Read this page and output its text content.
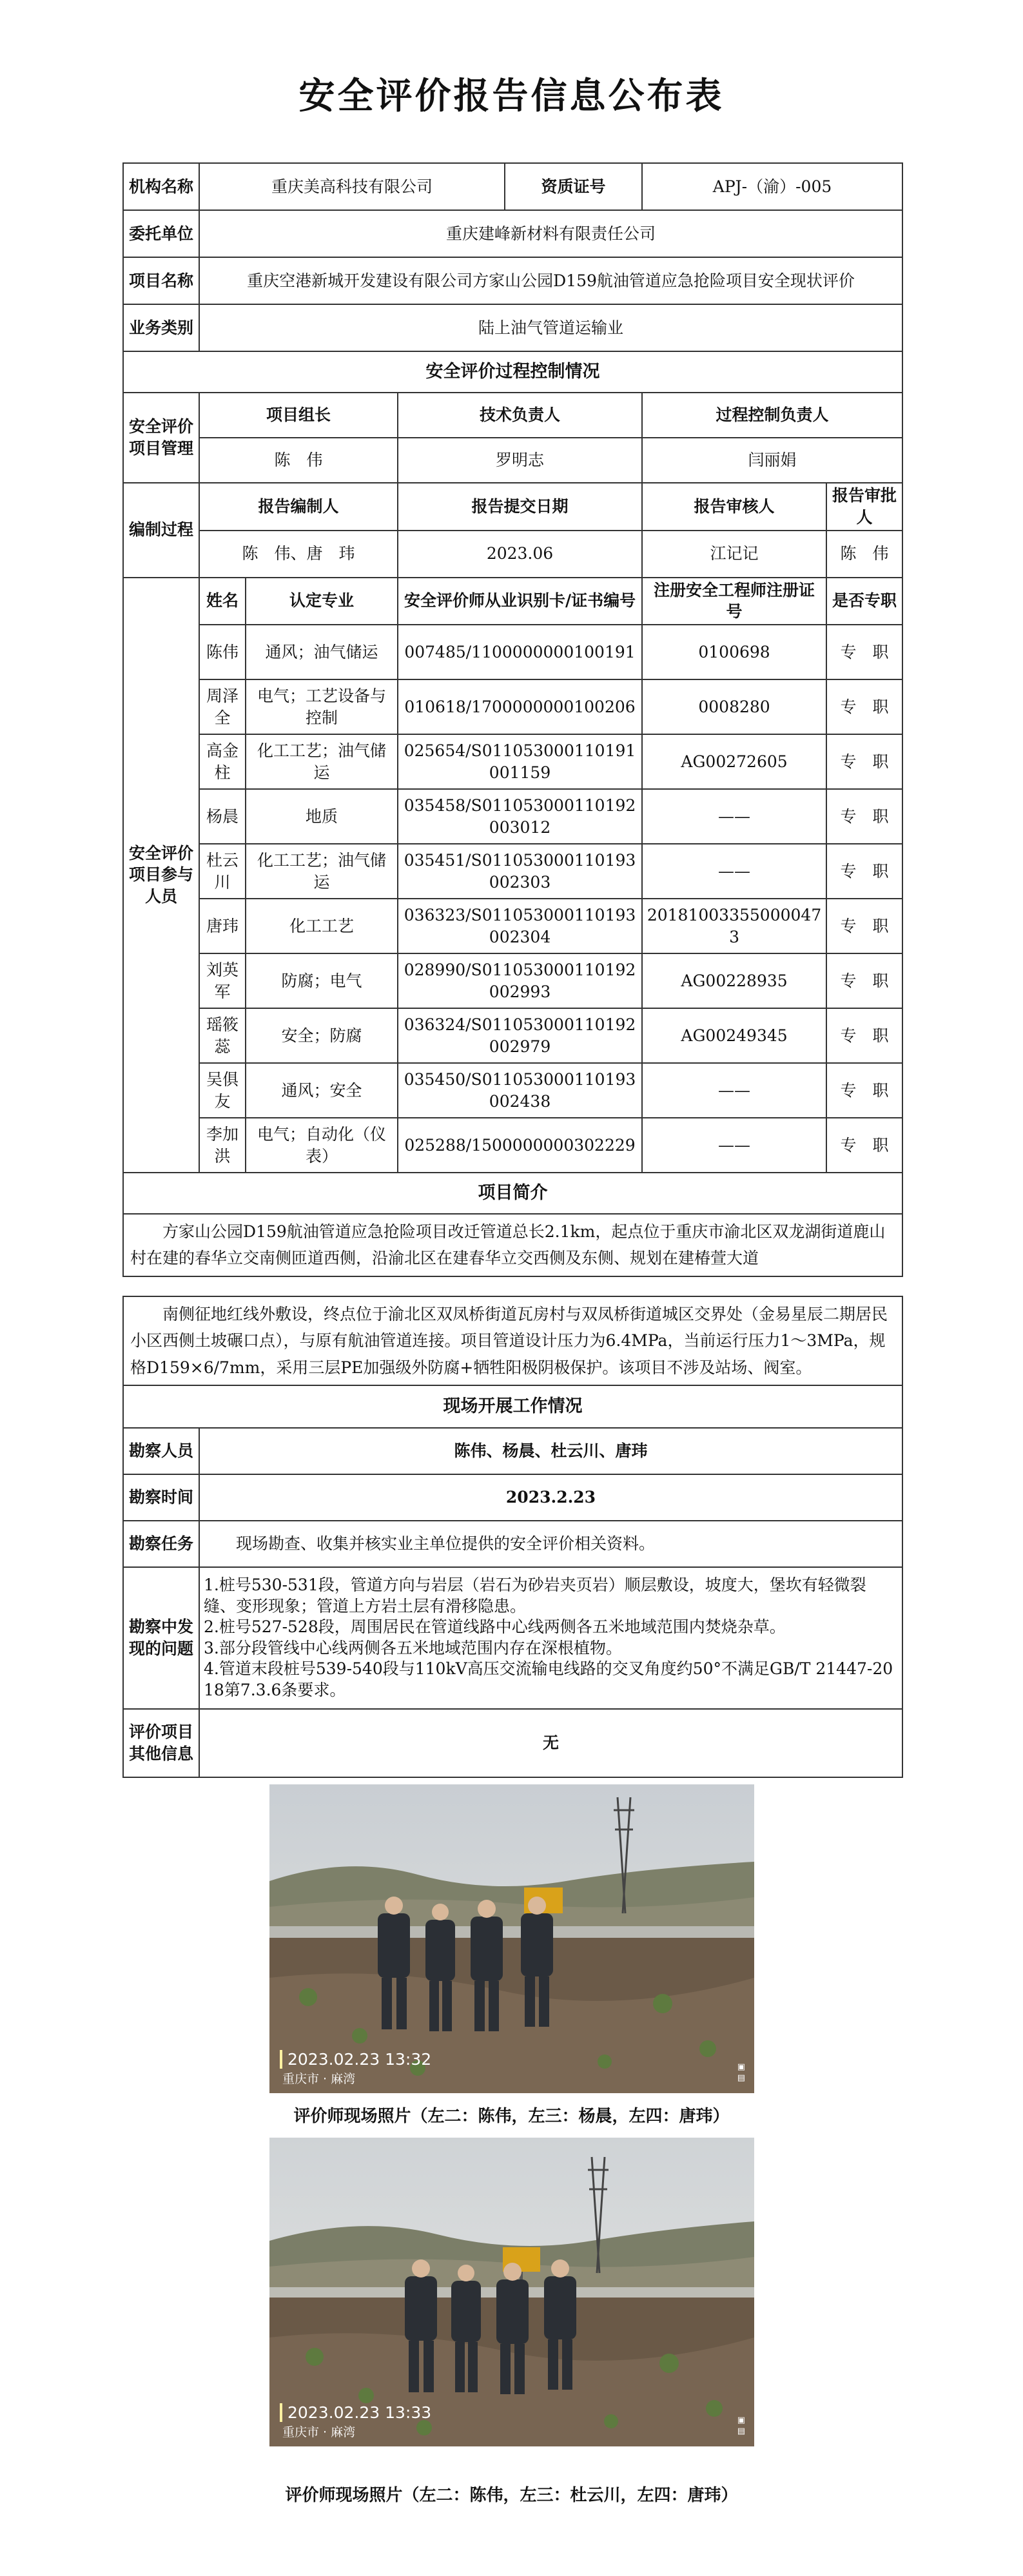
安全评价报告信息公布表
机构名称	重庆美高科技有限公司			资质证号	APJ-（渝）-005	
委托单位	重庆建峰新材料有限责任公司					
项目名称	重庆空港新城开发建设有限公司方家山公园D159航油管道应急抢险项目安全现状评价					
业务类别	陆上油气管道运输业					
安全评价过程控制情况						
安全评价项目管理	项目组长		技术负责人		过程控制负责人	
	陈　伟		罗明志		闫丽娟	
编制过程	报告编制人		报告提交日期		报告审核人	报告审批人
	陈　伟、唐　玮		2023.06		江记记	陈　伟
安全评价项目参与人员	姓名	认定专业	安全评价师从业识别卡/证书编号		注册安全工程师注册证号	是否专职
	陈伟	通风；油气储运	007485/1100000000100191		0100698	专　职
	周泽全	电气；工艺设备与控制	010618/1700000000100206		0008280	专　职
	高金柱	化工工艺；油气储运	025654/S011053000110191001159		AG00272605	专　职
	杨晨	地质	035458/S011053000110192003012		——	专　职
	杜云川	化工工艺；油气储运	035451/S011053000110193002303		——	专　职
	唐玮	化工工艺	036323/S011053000110193002304		201810033550000473	专　职
	刘英军	防腐；电气	028990/S011053000110192002993		AG00228935	专　职
	瑶筱蕊	安全；防腐	036324/S011053000110192002979		AG00249345	专　职
	吴俱友	通风；安全	035450/S011053000110193002438		——	专　职
	李加洪	电气；自动化（仪表）	025288/1500000000302229		——	专　职
项目简介						
方家山公园D159航油管道应急抢险项目改迁管道总长2.1km，起点位于重庆市渝北区双龙湖街道鹿山村在建的春华立交南侧匝道西侧，沿渝北区在建春华立交西侧及东侧、规划在建椿萱大道						
南侧征地红线外敷设，终点位于渝北区双凤桥街道瓦房村与双凤桥街道城区交界处（金易星辰二期居民小区西侧土坡碾口点），与原有航油管道连接。项目管道设计压力为6.4MPa，当前运行压力1～3MPa，规格D159×6/7mm，采用三层PE加强级外防腐+牺牲阳极阴极保护。该项目不涉及站场、阀室。	
现场开展工作情况	
勘察人员	陈伟、杨晨、杜云川、唐玮
勘察时间	2023.2.23
勘察任务	现场勘查、收集并核实业主单位提供的安全评价相关资料。
勘察中发现的问题	1.桩号530-531段，管道方向与岩层（岩石为砂岩夹页岩）顺层敷设，坡度大，堡坎有轻微裂缝、变形现象；管道上方岩土层有滑移隐患。
2.桩号527-528段，周围居民在管道线路中心线两侧各五米地域范围内焚烧杂草。
3.部分段管线中心线两侧各五米地域范围内存在深根植物。
4.管道末段桩号539-540段与110kV高压交流输电线路的交叉角度约50°不满足GB/T 21447-2018第7.3.6条要求。

评价项目其他信息	无
2023.02.23 13:32
重庆市 · 麻湾
▣
▤
评价师现场照片（左二：陈伟，左三：杨晨，左四：唐玮）
2023.02.23 13:33
重庆市 · 麻湾
▣
▤
评价师现场照片（左二：陈伟，左三：杜云川，左四：唐玮）
